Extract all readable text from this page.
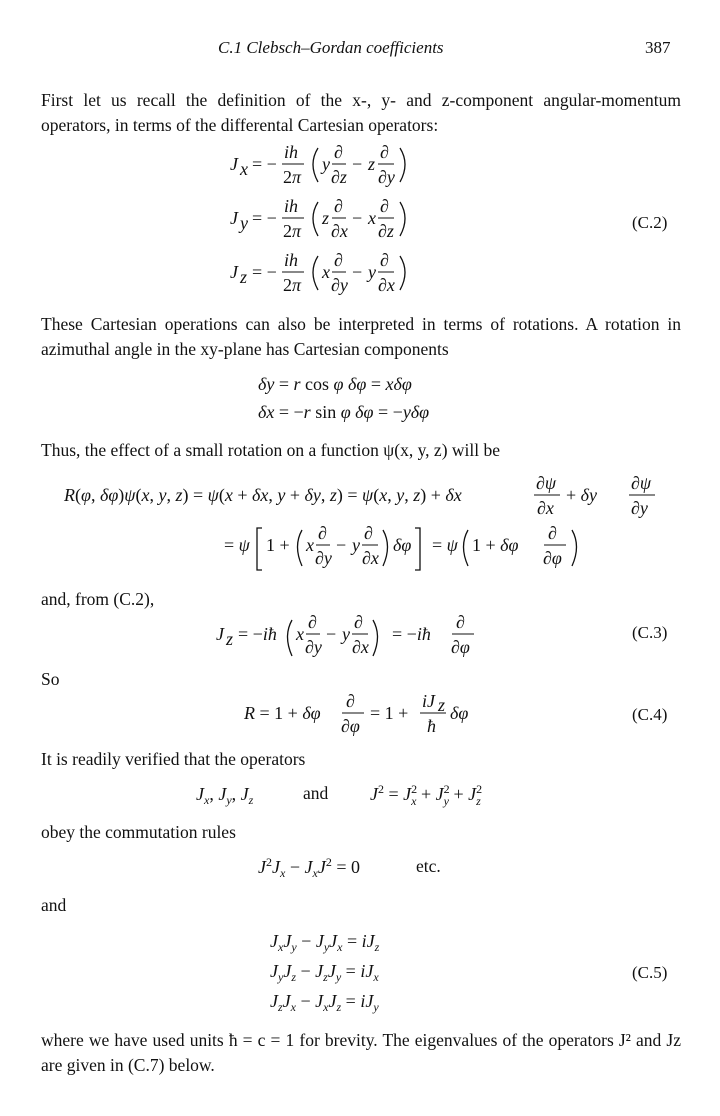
C.1 Clebsch–Gordan coefficients	387
First let us recall the definition of the x-, y- and z-component angular-momentum operators, in terms of the differental Cartesian operators:
(C.2)
These Cartesian operations can also be interpreted in terms of rotations. A rotation in azimuthal angle in the xy-plane has Cartesian components
Thus, the effect of a small rotation on a function ψ(x, y, z) will be
and, from (C.2),
(C.3)
So
(C.4)
It is readily verified that the operators
obey the commutation rules
and
(C.5)
where we have used units ħ = c = 1 for brevity. The eigenvalues of the operators J² and Jz are given in (C.7) below.
and
etc.
J x = −
ih
2π
y
∂
∂z
− z
∂
∂y
J y = −
ih
2π
z
∂
∂x
− x
∂
∂z
J z = −
ih
2π
x
∂
∂y
− y
∂
∂x
δy = r cos φ δφ = xδφ
δx = −r sin φ δφ = −yδφ
R(φ, δφ)ψ(x, y, z) = ψ(x + δx, y + δy, z) = ψ(x, y, z) + δx
∂ψ
∂x
+ δy
∂ψ
∂y
= ψ 1 + x
∂
∂y
− y
∂
∂x
δφ = ψ 1 + δφ
∂
∂φ
J z = −iħ x
∂
∂y
− y
∂
∂x
= −iħ
∂
∂φ
R = 1 + δφ
∂
∂φ
= 1 +
iJ z
ħ
δφ
$J_x$, $J_y$, $J_z$	$J^2 = J^2$ $x + J^2$ $y + J^2$ z
$J^2J_x - J_xJ^2 = 0$
$J_xJ_y - J_yJ_x = iJ_z$
$J_yJ_z - J_zJ_y = iJ_x$
$J_zJ_x - J_xJ_z = iJ_y$
